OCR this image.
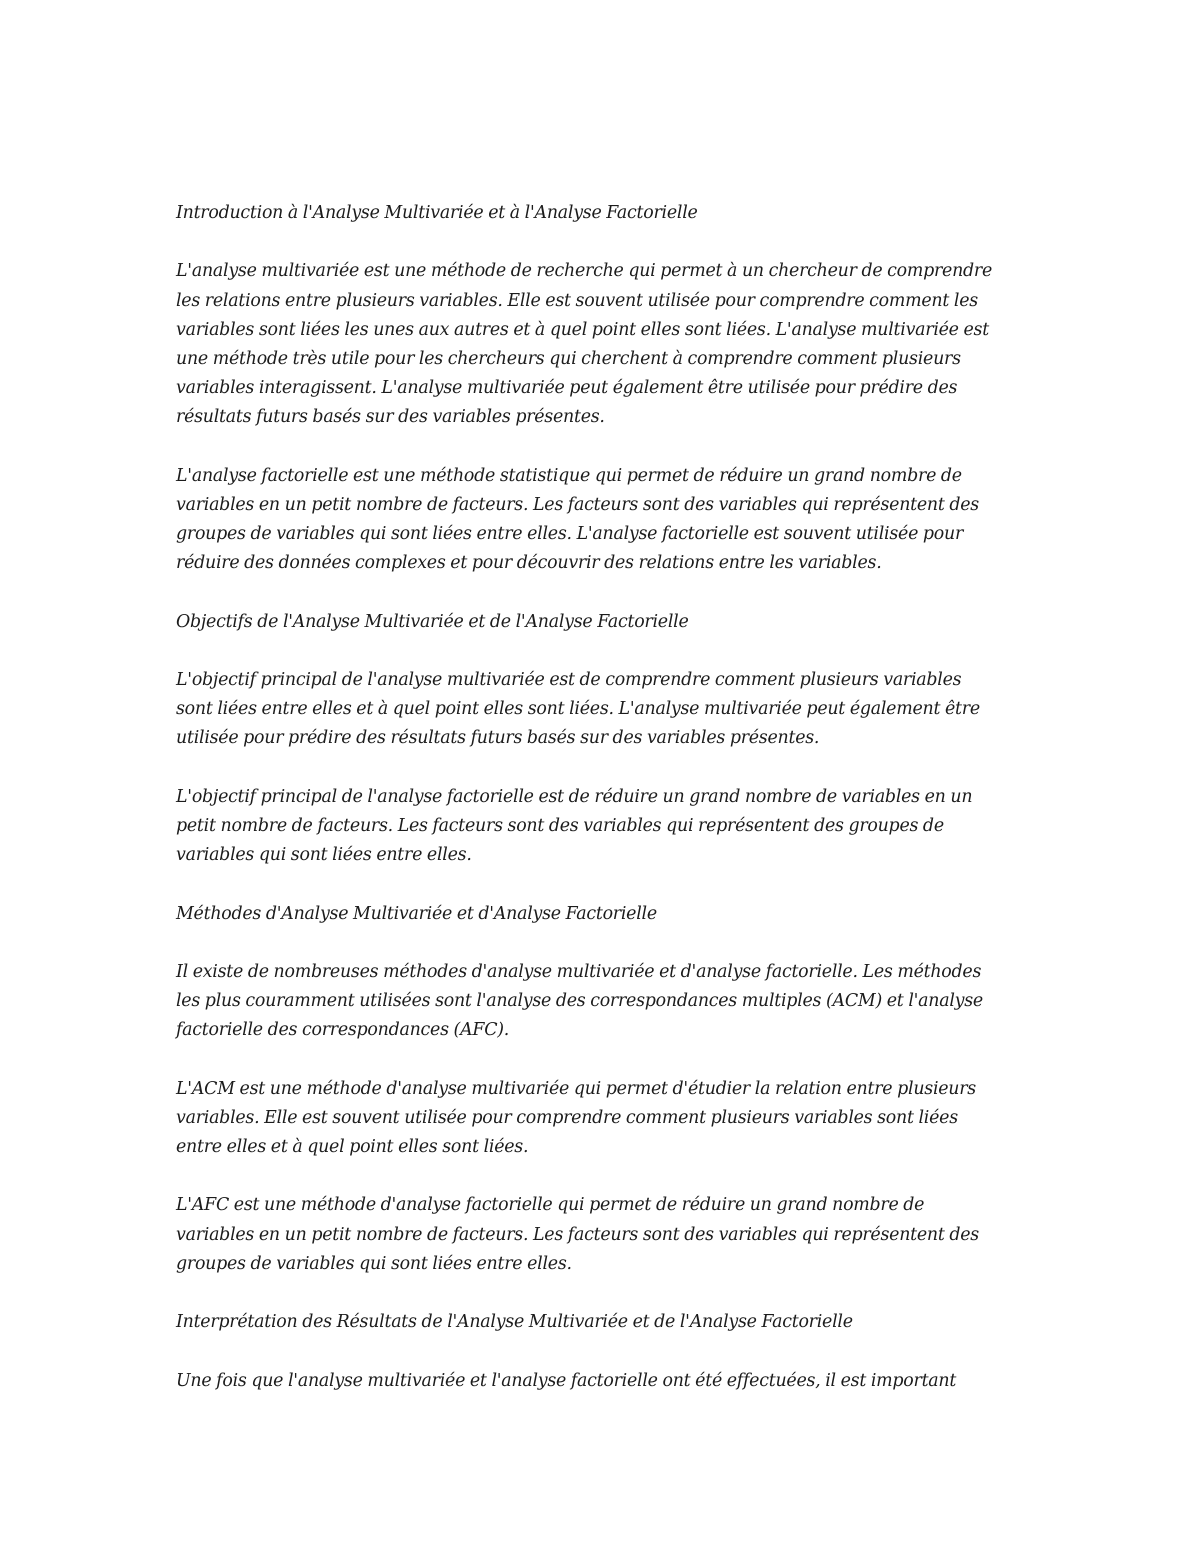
Introduction à l'Analyse Multivariée et à l'Analyse Factorielle
L'analyse multivariée est une méthode de recherche qui permet à un chercheur de comprendre
les relations entre plusieurs variables. Elle est souvent utilisée pour comprendre comment les
variables sont liées les unes aux autres et à quel point elles sont liées. L'analyse multivariée est
une méthode très utile pour les chercheurs qui cherchent à comprendre comment plusieurs
variables interagissent. L'analyse multivariée peut également être utilisée pour prédire des
résultats futurs basés sur des variables présentes.
L'analyse factorielle est une méthode statistique qui permet de réduire un grand nombre de
variables en un petit nombre de facteurs. Les facteurs sont des variables qui représentent des
groupes de variables qui sont liées entre elles. L'analyse factorielle est souvent utilisée pour
réduire des données complexes et pour découvrir des relations entre les variables.
Objectifs de l'Analyse Multivariée et de l'Analyse Factorielle
L'objectif principal de l'analyse multivariée est de comprendre comment plusieurs variables
sont liées entre elles et à quel point elles sont liées. L'analyse multivariée peut également être
utilisée pour prédire des résultats futurs basés sur des variables présentes.
L'objectif principal de l'analyse factorielle est de réduire un grand nombre de variables en un
petit nombre de facteurs. Les facteurs sont des variables qui représentent des groupes de
variables qui sont liées entre elles.
Méthodes d'Analyse Multivariée et d'Analyse Factorielle
Il existe de nombreuses méthodes d'analyse multivariée et d'analyse factorielle. Les méthodes
les plus couramment utilisées sont l'analyse des correspondances multiples (ACM) et l'analyse
factorielle des correspondances (AFC).
L'ACM est une méthode d'analyse multivariée qui permet d'étudier la relation entre plusieurs
variables. Elle est souvent utilisée pour comprendre comment plusieurs variables sont liées
entre elles et à quel point elles sont liées.
L'AFC est une méthode d'analyse factorielle qui permet de réduire un grand nombre de
variables en un petit nombre de facteurs. Les facteurs sont des variables qui représentent des
groupes de variables qui sont liées entre elles.
Interprétation des Résultats de l'Analyse Multivariée et de l'Analyse Factorielle
Une fois que l'analyse multivariée et l'analyse factorielle ont été effectuées, il est important
